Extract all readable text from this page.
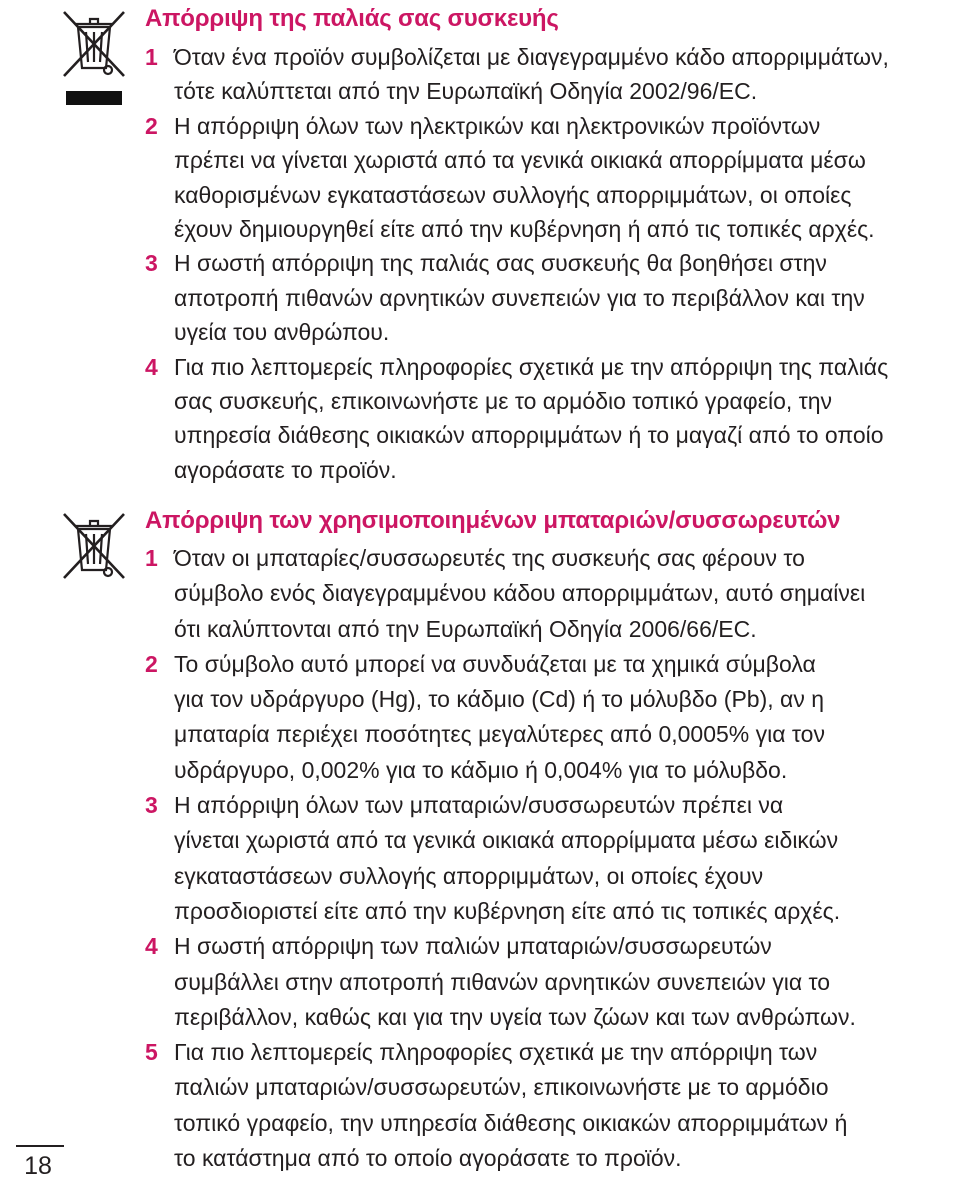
Απόρριψη της παλιάς σας συσκευής
1 Όταν ένα προϊόν συμβολίζεται με διαγεγραμμένο κάδο απορριμμάτων,
τότε καλύπτεται από την Ευρωπαϊκή Οδηγία 2002/96/EC.
2 Η απόρριψη όλων των ηλεκτρικών και ηλεκτρονικών προϊόντων
πρέπει να γίνεται χωριστά από τα γενικά οικιακά απορρίμματα μέσω
καθορισμένων εγκαταστάσεων συλλογής απορριμμάτων, οι οποίες
έχουν δημιουργηθεί είτε από την κυβέρνηση ή από τις τοπικές αρχές.
3 Η σωστή απόρριψη της παλιάς σας συσκευής θα βοηθήσει στην
αποτροπή πιθανών αρνητικών συνεπειών για το περιβάλλον και την
υγεία του ανθρώπου.
4 Για πιο λεπτομερείς πληροφορίες σχετικά με την απόρριψη της παλιάς
σας συσκευής, επικοινωνήστε με το αρμόδιο τοπικό γραφείο, την
υπηρεσία διάθεσης οικιακών απορριμμάτων ή το μαγαζί από το οποίο
αγοράσατε το προϊόν.
Απόρριψη των χρησιμοποιημένων μπαταριών/συσσωρευτών
1 Όταν οι μπαταρίες/συσσωρευτές της συσκευής σας φέρουν το
σύμβολο ενός διαγεγραμμένου κάδου απορριμμάτων, αυτό σημαίνει
ότι καλύπτονται από την Ευρωπαϊκή Οδηγία 2006/66/EC.
2 Το σύμβολο αυτό μπορεί να συνδυάζεται με τα χημικά σύμβολα
για τον υδράργυρο (Hg), το κάδμιο (Cd) ή το μόλυβδο (Pb), αν η
μπαταρία περιέχει ποσότητες μεγαλύτερες από 0,0005% για τον
υδράργυρο, 0,002% για το κάδμιο ή 0,004% για το μόλυβδο.
3 Η απόρριψη όλων των μπαταριών/συσσωρευτών πρέπει να
γίνεται χωριστά από τα γενικά οικιακά απορρίμματα μέσω ειδικών
εγκαταστάσεων συλλογής απορριμμάτων, οι οποίες έχουν
προσδιοριστεί είτε από την κυβέρνηση είτε από τις τοπικές αρχές.
4 Η σωστή απόρριψη των παλιών μπαταριών/συσσωρευτών
συμβάλλει στην αποτροπή πιθανών αρνητικών συνεπειών για το
περιβάλλον, καθώς και για την υγεία των ζώων και των ανθρώπων.
5 Για πιο λεπτομερείς πληροφορίες σχετικά με την απόρριψη των
παλιών μπαταριών/συσσωρευτών, επικοινωνήστε με το αρμόδιο
τοπικό γραφείο, την υπηρεσία διάθεσης οικιακών απορριμμάτων ή
το κατάστημα από το οποίο αγοράσατε το προϊόν.
18
